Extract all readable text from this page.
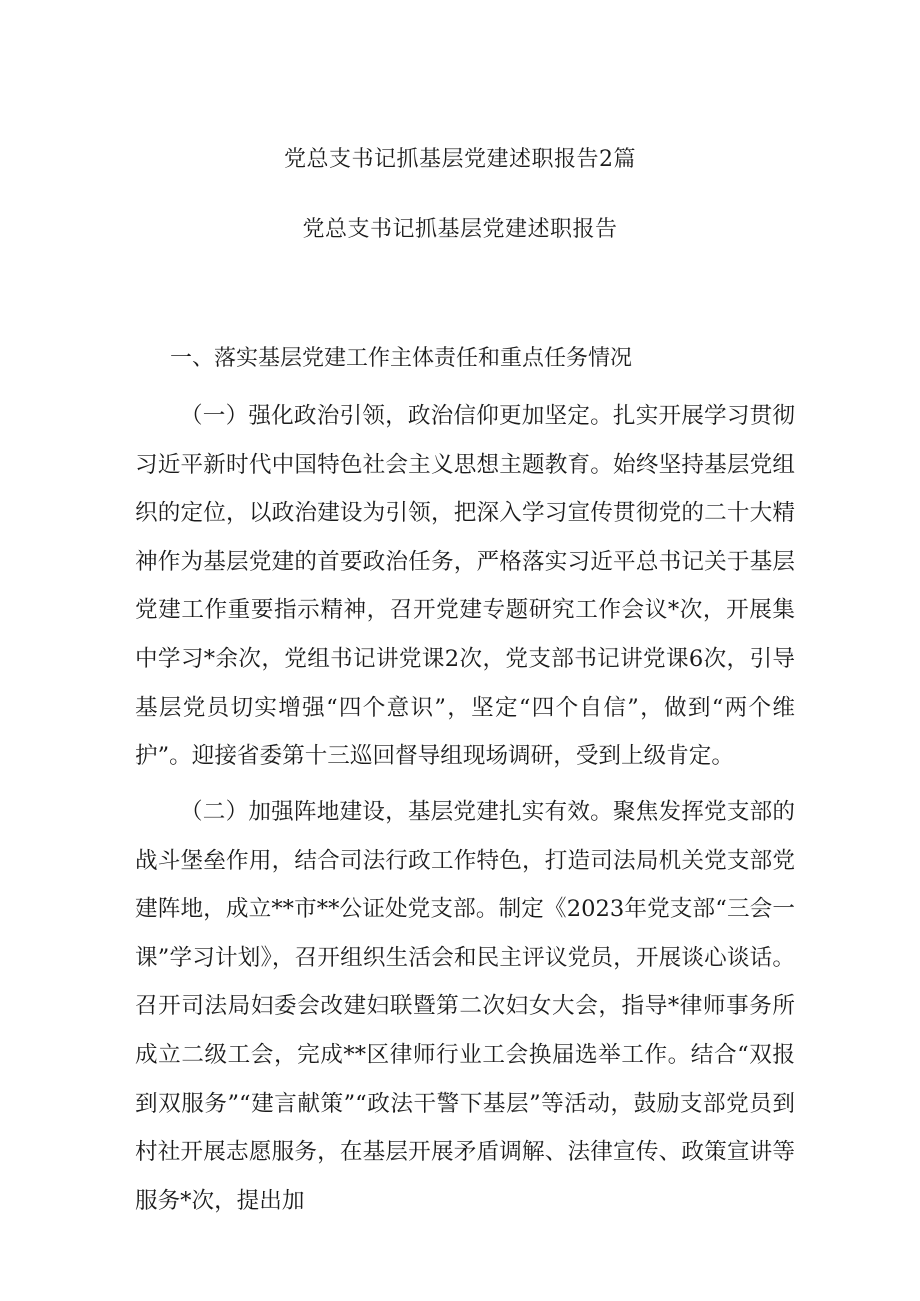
党总支书记抓基层党建述职报告2篇
党总支书记抓基层党建述职报告
一、落实基层党建工作主体责任和重点任务情况

（一）强化政治引领，政治信仰更加坚定。扎实开展学习贯彻习近平新时代中国特色社会主义思想主题教育。始终坚持基层党组织的定位，以政治建设为引领，把深入学习宣传贯彻党的二十大精神作为基层党建的首要政治任务，严格落实习近平总书记关于基层党建工作重要指示精神，召开党建专题研究工作会议*次，开展集中学习*余次，党组书记讲党课2次，党支部书记讲党课6次，引导基层党员切实增强“四个意识”，坚定“四个自信”，做到“两个维护”。迎接省委第十三巡回督导组现场调研，受到上级肯定。

（二）加强阵地建设，基层党建扎实有效。聚焦发挥党支部的战斗堡垒作用，结合司法行政工作特色，打造司法局机关党支部党建阵地，成立**市**公证处党支部。制定《2023年党支部“三会一课”学习计划》，召开组织生活会和民主评议党员，开展谈心谈话。召开司法局妇委会改建妇联暨第二次妇女大会，指导*律师事务所成立二级工会，完成**区律师行业工会换届选举工作。结合“双报到双服务”“建言献策”“政法干警下基层”等活动，鼓励支部党员到村社开展志愿服务，在基层开展矛盾调解、法律宣传、政策宣讲等服务*次，提出加
